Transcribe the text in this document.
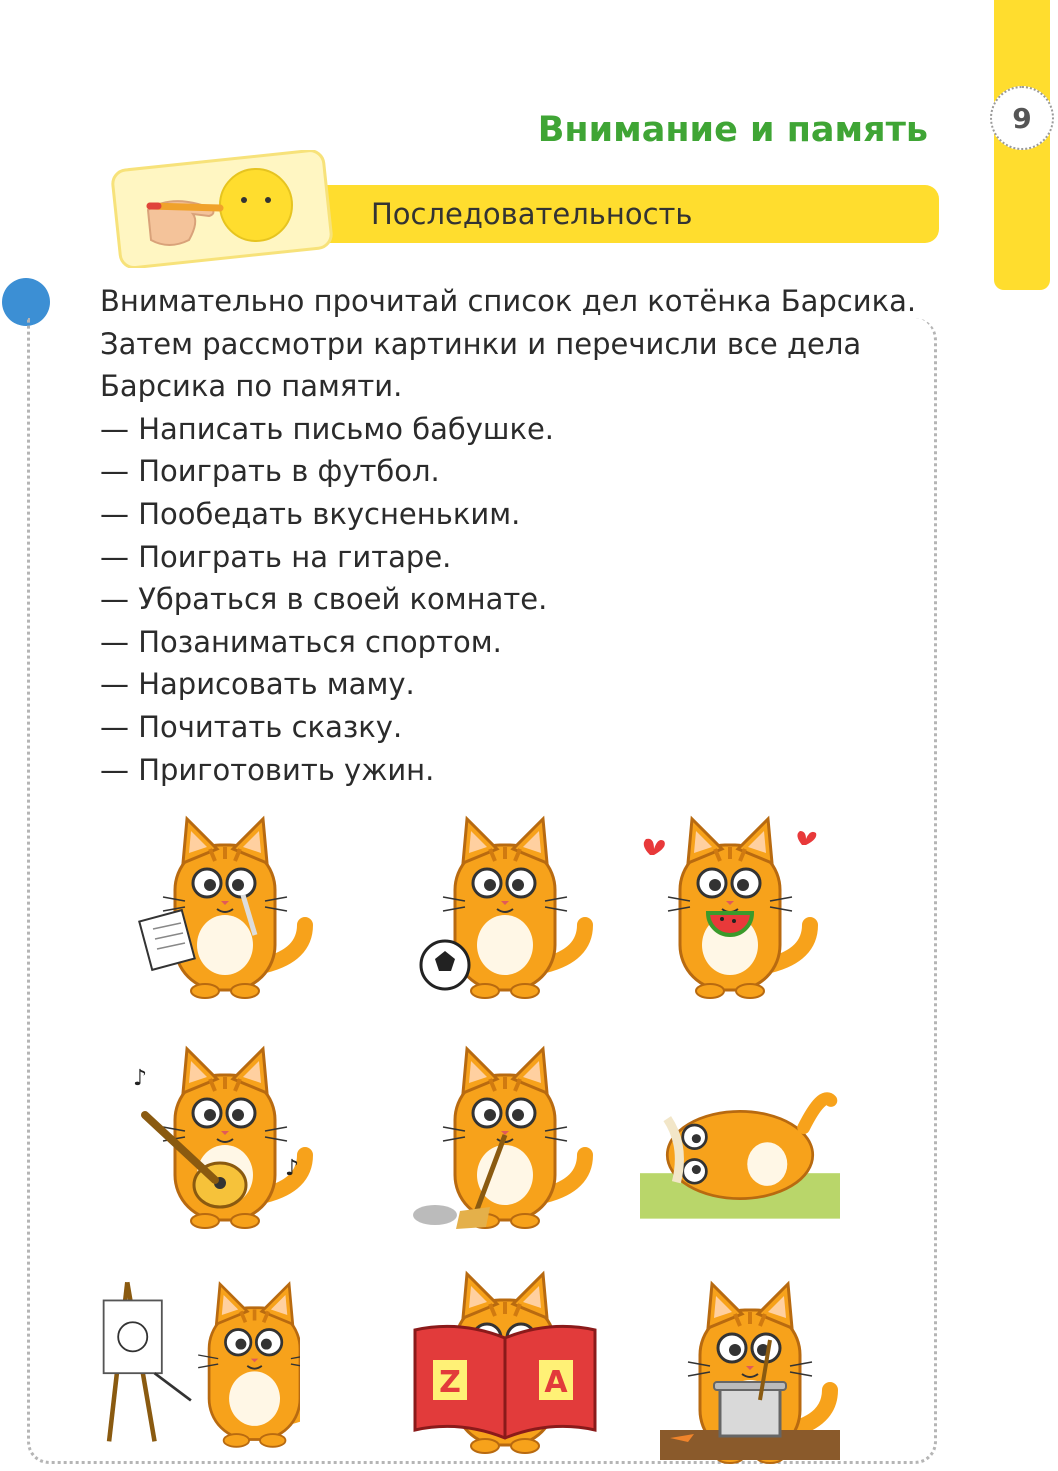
9
Внимание и память
Последовательность

Внимательно прочитай список дел котёнка Барсика.

Затем рассмотри картинки и перечисли все дела

Барсика по памяти.

— Написать письмо бабушке.

— Поиграть в футбол.

— Пообедать вкусненьким.

— Поиграть на гитаре.

— Убраться в своей комнате.

— Позаниматься спортом.

— Нарисовать маму.

— Почитать сказку.

— Приготовить ужин.

♪
♪
Z	A
